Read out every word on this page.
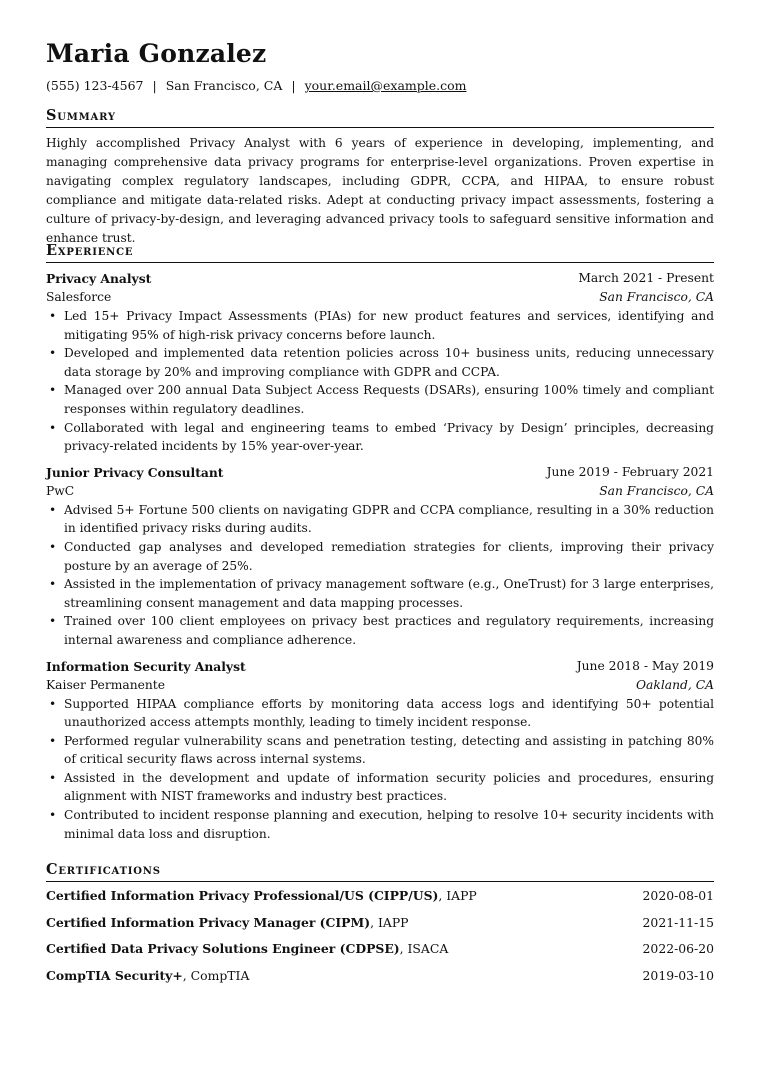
Maria Gonzalez
(555) 123-4567 | San Francisco, CA | your.email@example.com
Summary
Highly accomplished Privacy Analyst with 6 years of experience in developing, implementing, and managing comprehensive data privacy programs for enterprise-level organizations. Proven expertise in navigating complex regulatory landscapes, including GDPR, CCPA, and HIPAA, to ensure robust compliance and mitigate data-related risks. Adept at conducting privacy impact assessments, fostering a culture of privacy-by-design, and leveraging advanced privacy tools to safeguard sensitive information and enhance trust.
Experience
Privacy Analyst	March 2021 - Present
Salesforce	San Francisco, CA
• Led 15+ Privacy Impact Assessments (PIAs) for new product features and services, identifying and mitigating 95% of high-risk privacy concerns before launch.
• Developed and implemented data retention policies across 10+ business units, reducing unnecessary data storage by 20% and improving compliance with GDPR and CCPA.
• Managed over 200 annual Data Subject Access Requests (DSARs), ensuring 100% timely and compliant responses within regulatory deadlines.
• Collaborated with legal and engineering teams to embed ‘Privacy by Design’ principles, decreasing privacy-related incidents by 15% year-over-year.
Junior Privacy Consultant	June 2019 - February 2021
PwC	San Francisco, CA
• Advised 5+ Fortune 500 clients on navigating GDPR and CCPA compliance, resulting in a 30% reduction in identified privacy risks during audits.
• Conducted gap analyses and developed remediation strategies for clients, improving their privacy posture by an average of 25%.
• Assisted in the implementation of privacy management software (e.g., OneTrust) for 3 large enterprises, streamlining consent management and data mapping processes.
• Trained over 100 client employees on privacy best practices and regulatory requirements, increasing internal awareness and compliance adherence.
Information Security Analyst	June 2018 - May 2019
Kaiser Permanente	Oakland, CA
• Supported HIPAA compliance efforts by monitoring data access logs and identifying 50+ potential unauthorized access attempts monthly, leading to timely incident response.
• Performed regular vulnerability scans and penetration testing, detecting and assisting in patching 80% of critical security flaws across internal systems.
• Assisted in the development and update of information security policies and procedures, ensuring alignment with NIST frameworks and industry best practices.
• Contributed to incident response planning and execution, helping to resolve 10+ security incidents with minimal data loss and disruption.
Certifications
Certified Information Privacy Professional/US (CIPP/US), IAPP	2020-08-01
Certified Information Privacy Manager (CIPM), IAPP	2021-11-15
Certified Data Privacy Solutions Engineer (CDPSE), ISACA	2022-06-20
CompTIA Security+, CompTIA	2019-03-10
